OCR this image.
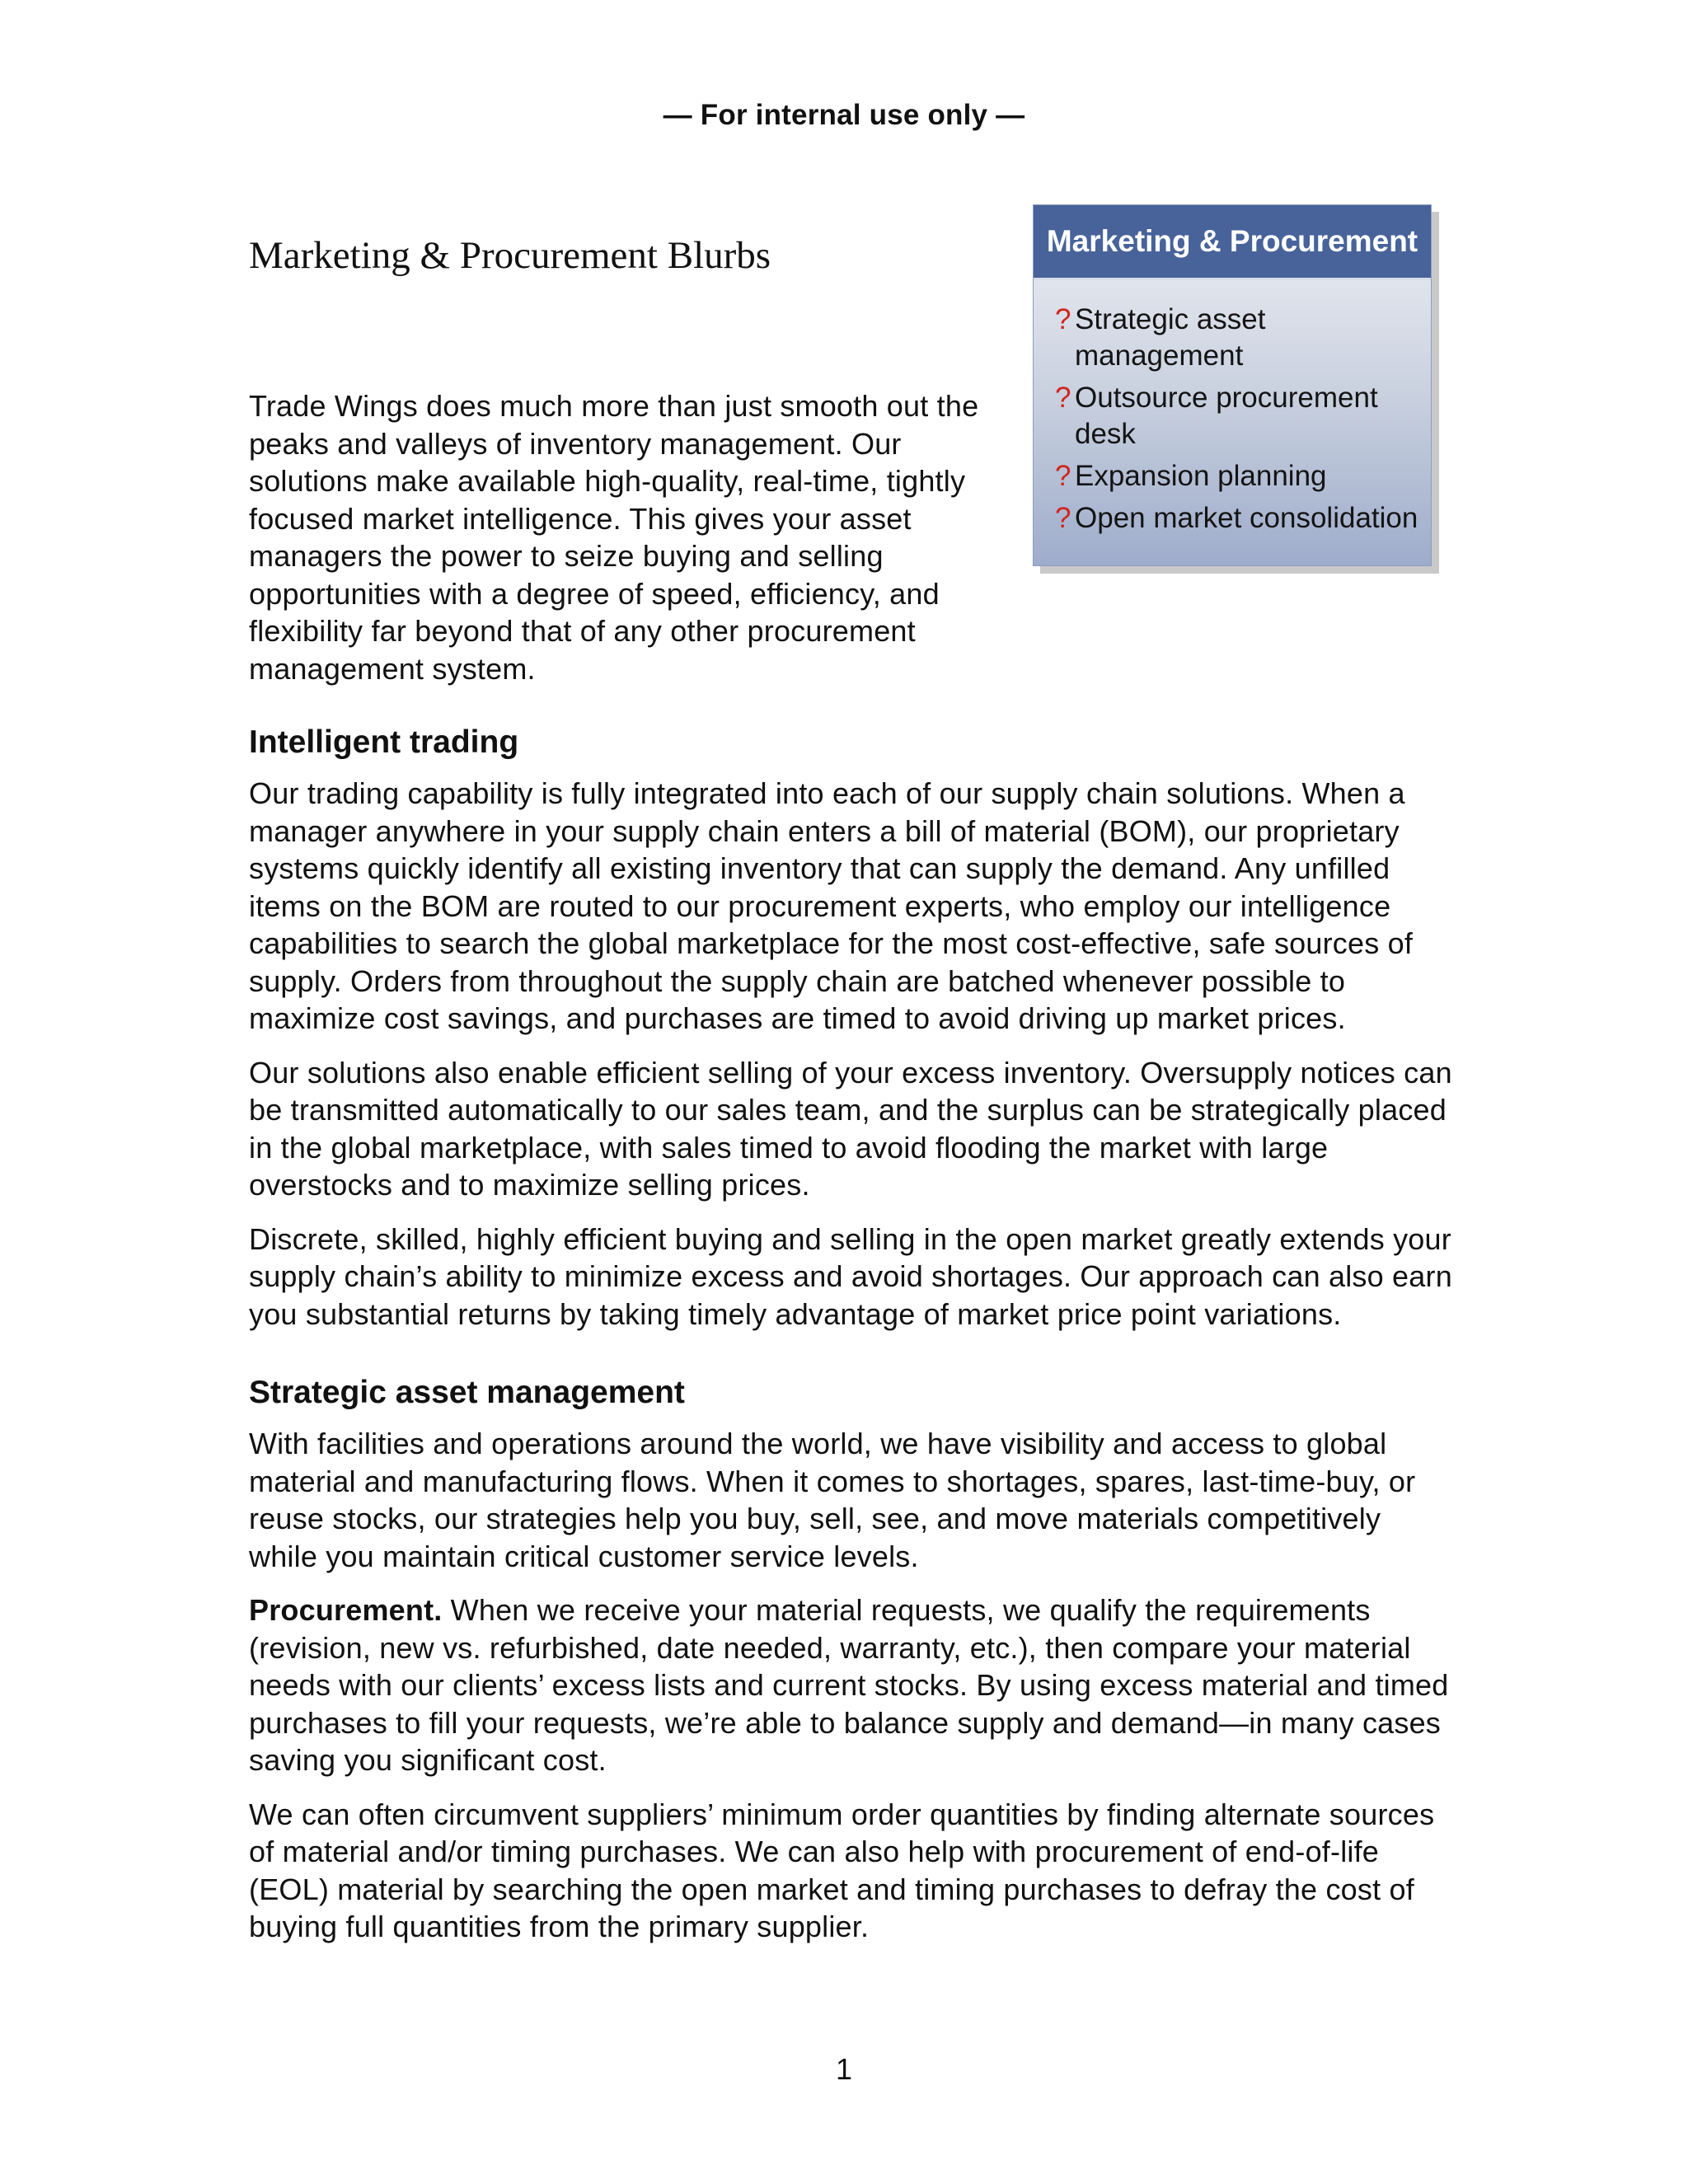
— For internal use only —
Marketing & Procurement
? Strategic asset management
? Outsource procurement desk
? Expansion planning
? Open market consolidation
Marketing & Procurement Blurbs

Trade Wings does much more than just smooth out the peaks and valleys of inventory management. Our solutions make available high-quality, real-time, tightly focused market intelligence. This gives your asset managers the power to seize buying and selling opportunities with a degree of speed, efficiency, and flexibility far beyond that of any other procurement management system.

Intelligent trading

Our trading capability is fully integrated into each of our supply chain solutions. When a manager anywhere in your supply chain enters a bill of material (BOM), our proprietary systems quickly identify all existing inventory that can supply the demand. Any unfilled items on the BOM are routed to our procurement experts, who employ our intelligence capabilities to search the global marketplace for the most cost-effective, safe sources of supply. Orders from throughout the supply chain are batched whenever possible to maximize cost savings, and purchases are timed to avoid driving up market prices.

Our solutions also enable efficient selling of your excess inventory. Oversupply notices can be transmitted automatically to our sales team, and the surplus can be strategically placed in the global marketplace, with sales timed to avoid flooding the market with large overstocks and to maximize selling prices.

Discrete, skilled, highly efficient buying and selling in the open market greatly extends your supply chain’s ability to minimize excess and avoid shortages. Our approach can also earn you substantial returns by taking timely advantage of market price point variations.

Strategic asset management

With facilities and operations around the world, we have visibility and access to global material and manufacturing flows. When it comes to shortages, spares, last-time-buy, or reuse stocks, our strategies help you buy, sell, see, and move materials competitively while you maintain critical customer service levels.

Procurement. When we receive your material requests, we qualify the requirements (revision, new vs. refurbished, date needed, warranty, etc.), then compare your material needs with our clients’ excess lists and current stocks. By using excess material and timed purchases to fill your requests, we’re able to balance supply and demand—in many cases saving you significant cost.

We can often circumvent suppliers’ minimum order quantities by finding alternate sources of material and/or timing purchases. We can also help with procurement of end-of-life (EOL) material by searching the open market and timing purchases to defray the cost of buying full quantities from the primary supplier.

1
